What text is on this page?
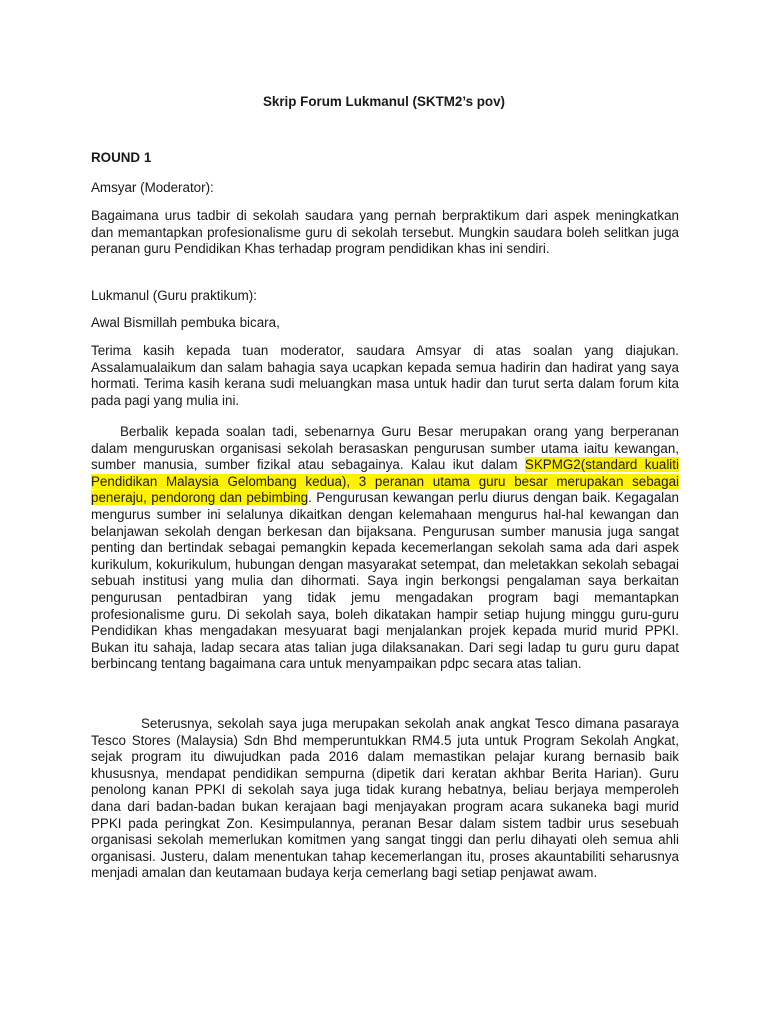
Skrip Forum Lukmanul (SKTM2’s pov)

ROUND 1

Amsyar (Moderator):

Bagaimana urus tadbir di sekolah saudara yang pernah berpraktikum dari aspek meningkatkan dan memantapkan profesionalisme guru di sekolah tersebut. Mungkin saudara boleh selitkan juga peranan guru Pendidikan Khas terhadap program pendidikan khas ini sendiri.

Lukmanul (Guru praktikum):

Awal Bismillah pembuka bicara,

Terima kasih kepada tuan moderator, saudara Amsyar di atas soalan yang diajukan. Assalamualaikum dan salam bahagia saya ucapkan kepada semua hadirin dan hadirat yang saya hormati. Terima kasih kerana sudi meluangkan masa untuk hadir dan turut serta dalam forum kita pada pagi yang mulia ini.

Berbalik kepada soalan tadi, sebenarnya Guru Besar merupakan orang yang berperanan dalam menguruskan organisasi sekolah berasaskan pengurusan sumber utama iaitu kewangan, sumber manusia, sumber fizikal atau sebagainya. Kalau ikut dalam SKPMG2(standard kualiti Pendidikan Malaysia Gelombang kedua), 3 peranan utama guru besar merupakan sebagai peneraju, pendorong dan pebimbing. Pengurusan kewangan perlu diurus dengan baik. Kegagalan mengurus sumber ini selalunya dikaitkan dengan kelemahaan mengurus hal-hal kewangan dan belanjawan sekolah dengan berkesan dan bijaksana. Pengurusan sumber manusia juga sangat penting dan bertindak sebagai pemangkin kepada kecemerlangan sekolah sama ada dari aspek kurikulum, kokurikulum, hubungan dengan masyarakat setempat, dan meletakkan sekolah sebagai sebuah institusi yang mulia dan dihormati. Saya ingin berkongsi pengalaman saya berkaitan pengurusan pentadbiran yang tidak jemu mengadakan program bagi memantapkan profesionalisme guru. Di sekolah saya, boleh dikatakan hampir setiap hujung minggu guru-guru Pendidikan khas mengadakan mesyuarat bagi menjalankan projek kepada murid murid PPKI. Bukan itu sahaja, ladap secara atas talian juga dilaksanakan. Dari segi ladap tu guru guru dapat berbincang tentang bagaimana cara untuk menyampaikan pdpc secara atas talian.

Seterusnya, sekolah saya juga merupakan sekolah anak angkat Tesco dimana pasaraya Tesco Stores (Malaysia) Sdn Bhd memperuntukkan RM4.5 juta untuk Program Sekolah Angkat, sejak program itu diwujudkan pada 2016 dalam memastikan pelajar kurang bernasib baik khususnya, mendapat pendidikan sempurna (dipetik dari keratan akhbar Berita Harian). Guru penolong kanan PPKI di sekolah saya juga tidak kurang hebatnya, beliau berjaya memperoleh dana dari badan-badan bukan kerajaan bagi menjayakan program acara sukaneka bagi murid PPKI pada peringkat Zon. Kesimpulannya, peranan Besar dalam sistem tadbir urus sesebuah organisasi sekolah memerlukan komitmen yang sangat tinggi dan perlu dihayati oleh semua ahli organisasi. Justeru, dalam menentukan tahap kecemerlangan itu, proses akauntabiliti seharusnya menjadi amalan dan keutamaan budaya kerja cemerlang bagi setiap penjawat awam.
